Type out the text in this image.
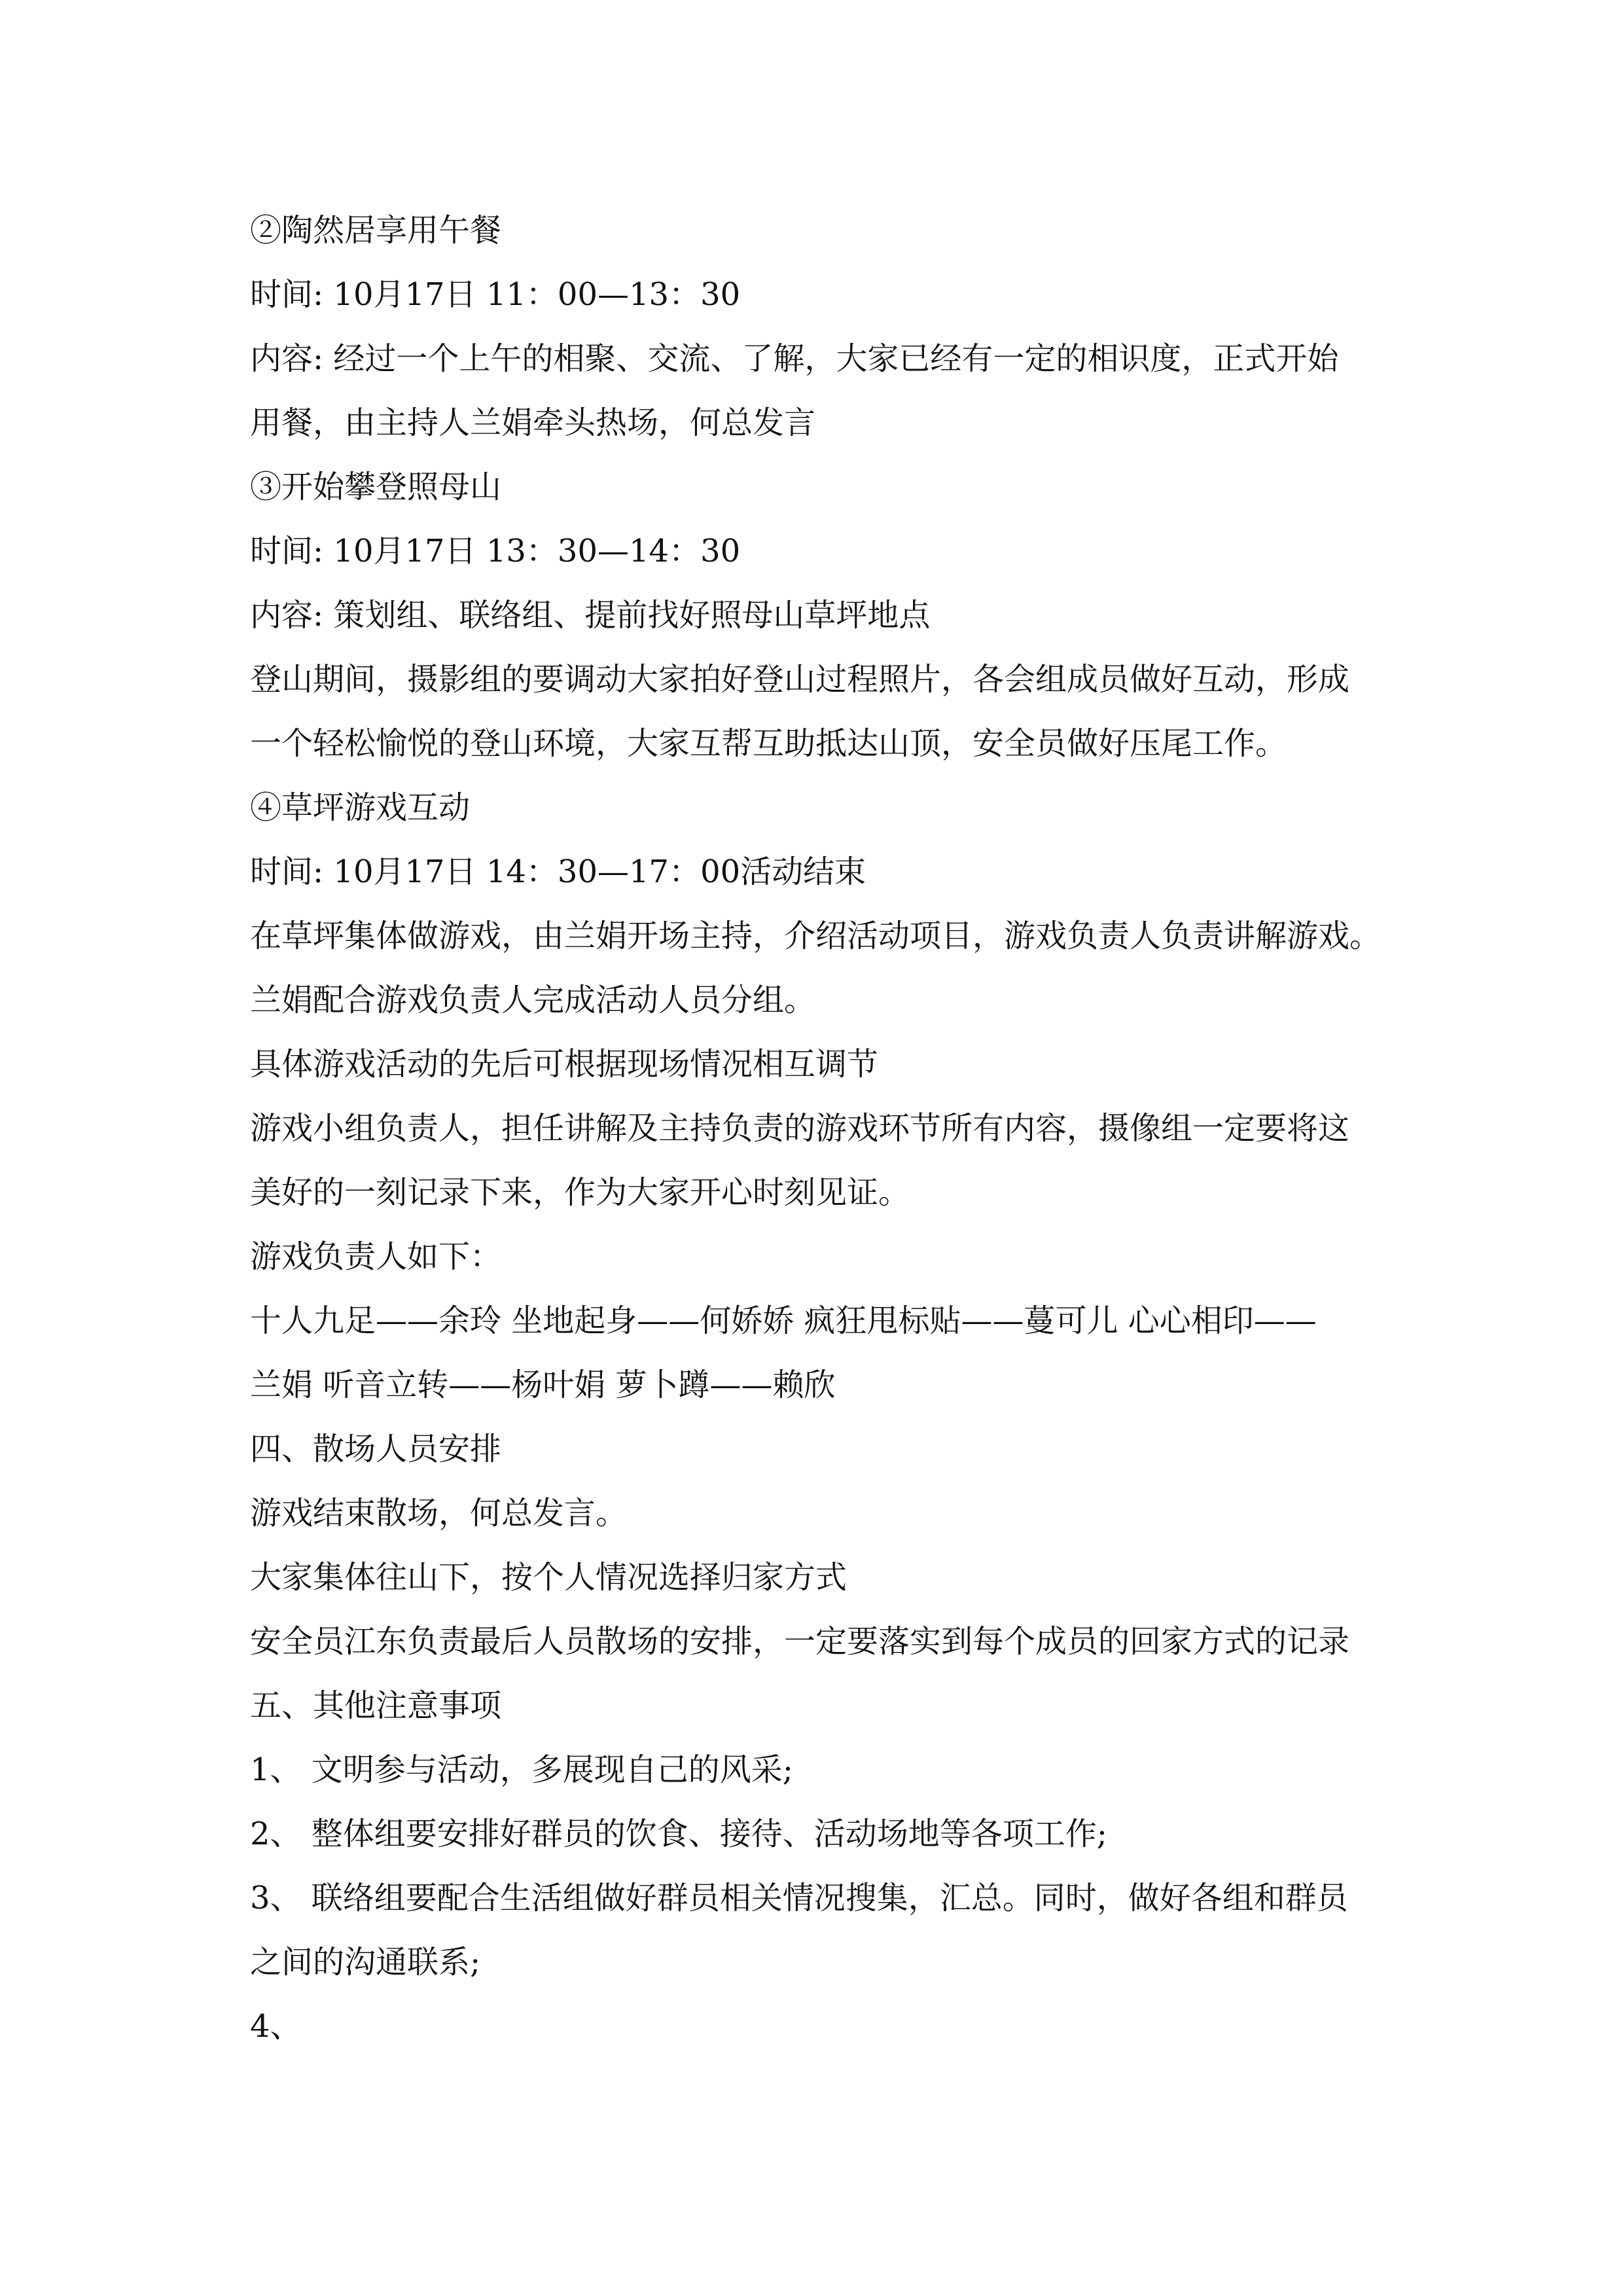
②陶然居享用午餐
时间: 10月17日 11：00—13：30
内容: 经过一个上午的相聚、交流、了解，大家已经有一定的相识度，正式开始
用餐，由主持人兰娟牵头热场，何总发言
③开始攀登照母山
时间: 10月17日 13：30—14：30
内容: 策划组、联络组、提前找好照母山草坪地点
登山期间，摄影组的要调动大家拍好登山过程照片，各会组成员做好互动，形成
一个轻松愉悦的登山环境，大家互帮互助抵达山顶，安全员做好压尾工作。
④草坪游戏互动
时间: 10月17日 14：30—17：00活动结束
在草坪集体做游戏，由兰娟开场主持，介绍活动项目，游戏负责人负责讲解游戏。
兰娟配合游戏负责人完成活动人员分组。
具体游戏活动的先后可根据现场情况相互调节
游戏小组负责人，担任讲解及主持负责的游戏环节所有内容，摄像组一定要将这
美好的一刻记录下来，作为大家开心时刻见证。
游戏负责人如下：
十人九足——余玲 坐地起身——何娇娇 疯狂甩标贴——蔓可儿 心心相印——
兰娟 听音立转——杨叶娟 萝卜蹲——赖欣
四、散场人员安排
游戏结束散场，何总发言。
大家集体往山下，按个人情况选择归家方式
安全员江东负责最后人员散场的安排，一定要落实到每个成员的回家方式的记录
五、其他注意事项
1、 文明参与活动，多展现自己的风采;
2、 整体组要安排好群员的饮食、接待、活动场地等各项工作;
3、 联络组要配合生活组做好群员相关情况搜集，汇总。同时，做好各组和群员
之间的沟通联系;
4、
